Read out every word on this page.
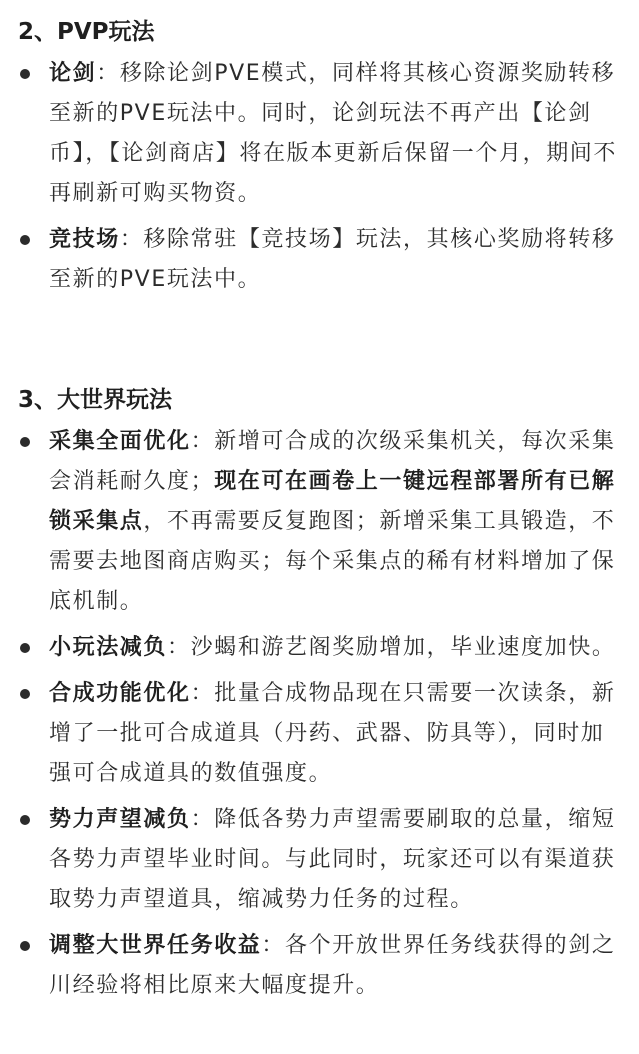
2、PVP玩法
论剑：移除论剑PVE模式，同样将其核心资源奖励转移至新的PVE玩法中。同时，论剑玩法不再产出【论剑币】，【论剑商店】将在版本更新后保留一个月，期间不再刷新可购买物资。
竞技场：移除常驻【竞技场】玩法，其核心奖励将转移至新的PVE玩法中。
3、大世界玩法
采集全面优化：新增可合成的次级采集机关，每次采集会消耗耐久度；现在可在画卷上一键远程部署所有已解锁采集点，不再需要反复跑图；新增采集工具锻造，不需要去地图商店购买；每个采集点的稀有材料增加了保底机制。
小玩法减负：沙蝎和游艺阁奖励增加，毕业速度加快。
合成功能优化：批量合成物品现在只需要一次读条，新增了一批可合成道具（丹药、武器、防具等），同时加强可合成道具的数值强度。
势力声望减负：降低各势力声望需要刷取的总量，缩短各势力声望毕业时间。与此同时，玩家还可以有渠道获取势力声望道具，缩减势力任务的过程。
调整大世界任务收益：各个开放世界任务线获得的剑之川经验将相比原来大幅度提升。
